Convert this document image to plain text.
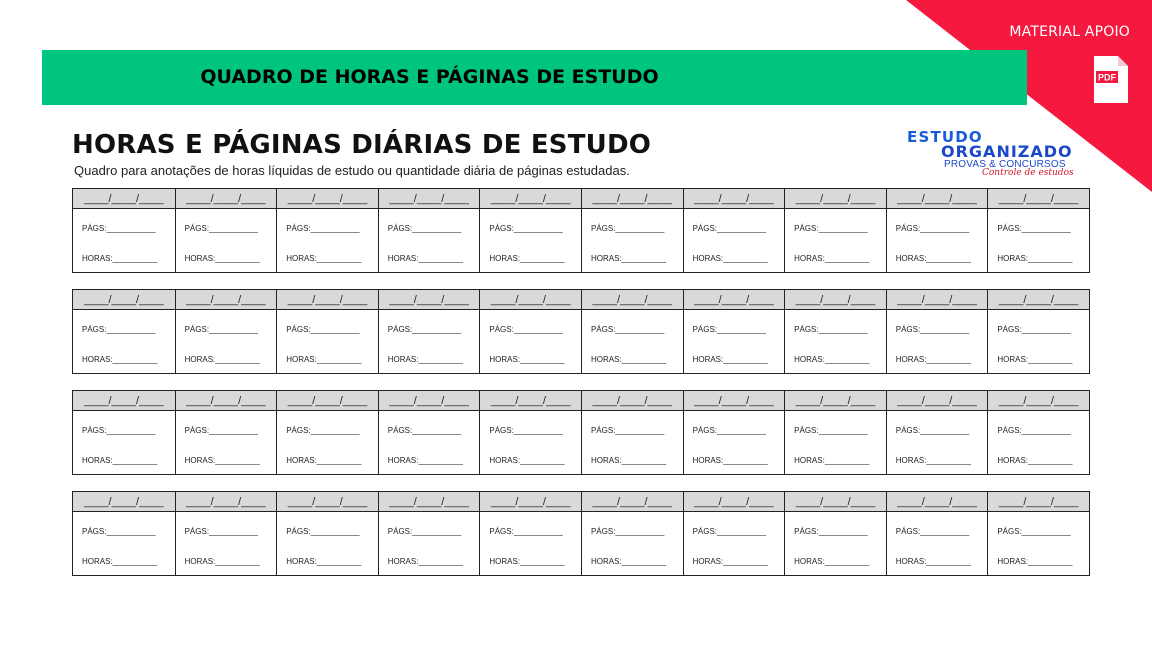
MATERIAL APOIO
PDF
QUADRO DE HORAS E PÁGINAS DE ESTUDO
HORAS E PÁGINAS DIÁRIAS DE ESTUDO
Quadro para anotações de horas líquidas de estudo ou quantidade diária de páginas estudadas.
ESTUDO
ORGANIZADO
PROVAS & CONCURSOS
Controle de estudos
____/____/____
PÁGS:___________
HORAS:__________
____/____/____
PÁGS:___________
HORAS:__________
____/____/____
PÁGS:___________
HORAS:__________
____/____/____
PÁGS:___________
HORAS:__________
____/____/____
PÁGS:___________
HORAS:__________
____/____/____
PÁGS:___________
HORAS:__________
____/____/____
PÁGS:___________
HORAS:__________
____/____/____
PÁGS:___________
HORAS:__________
____/____/____
PÁGS:___________
HORAS:__________
____/____/____
PÁGS:___________
HORAS:__________
____/____/____
PÁGS:___________
HORAS:__________
____/____/____
PÁGS:___________
HORAS:__________
____/____/____
PÁGS:___________
HORAS:__________
____/____/____
PÁGS:___________
HORAS:__________
____/____/____
PÁGS:___________
HORAS:__________
____/____/____
PÁGS:___________
HORAS:__________
____/____/____
PÁGS:___________
HORAS:__________
____/____/____
PÁGS:___________
HORAS:__________
____/____/____
PÁGS:___________
HORAS:__________
____/____/____
PÁGS:___________
HORAS:__________
____/____/____
PÁGS:___________
HORAS:__________
____/____/____
PÁGS:___________
HORAS:__________
____/____/____
PÁGS:___________
HORAS:__________
____/____/____
PÁGS:___________
HORAS:__________
____/____/____
PÁGS:___________
HORAS:__________
____/____/____
PÁGS:___________
HORAS:__________
____/____/____
PÁGS:___________
HORAS:__________
____/____/____
PÁGS:___________
HORAS:__________
____/____/____
PÁGS:___________
HORAS:__________
____/____/____
PÁGS:___________
HORAS:__________
____/____/____
PÁGS:___________
HORAS:__________
____/____/____
PÁGS:___________
HORAS:__________
____/____/____
PÁGS:___________
HORAS:__________
____/____/____
PÁGS:___________
HORAS:__________
____/____/____
PÁGS:___________
HORAS:__________
____/____/____
PÁGS:___________
HORAS:__________
____/____/____
PÁGS:___________
HORAS:__________
____/____/____
PÁGS:___________
HORAS:__________
____/____/____
PÁGS:___________
HORAS:__________
____/____/____
PÁGS:___________
HORAS:__________
